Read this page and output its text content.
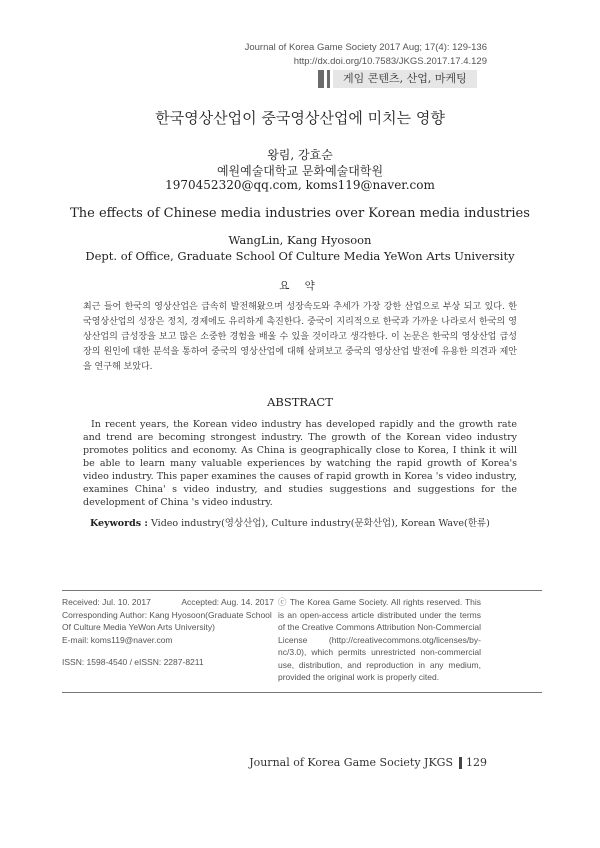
Journal of Korea Game Society 2017 Aug; 17(4): 129-136
http://dx.doi.org/10.7583/JKGS.2017.17.4.129
게임 콘텐츠, 산업, 마케팅
한국영상산업이 중국영상산업에 미치는 영향
왕림, 강효순
예원예술대학교 문화예술대학원
1970452320@qq.com, koms119@naver.com
The effects of Chinese media industries over Korean media industries
WangLin, Kang Hyosoon
Dept. of Office, Graduate School Of Culture Media YeWon Arts University
요 약
최근 들어 한국의 영상산업은 급속히 발전해왔으며 성장속도와 추세가 가장 강한 산업으로 부상 되고 있다. 한국영상산업의 성장은 정치, 경제에도 유리하게 촉진한다. 중국이 지리적으로 한국과 가까운 나라로서 한국의 영상산업의 급성장을 보고 많은 소중한 경험을 배울 수 있을 것이라고 생각한다. 이 논문은 한국의 영상산업 급성장의 원인에 대한 분석을 통하여 중국의 영상산업에 대해 살펴보고 중국의 영상산업 발전에 유용한 의견과 제안을 연구해 보았다.
ABSTRACT
In recent years, the Korean video industry has developed rapidly and the growth rate and trend are becoming strongest industry. The growth of the Korean video industry promotes politics and economy. As China is geographically close to Korea, I think it will be able to learn many valuable experiences by watching the rapid growth of Korea's video industry. This paper examines the causes of rapid growth in Korea 's video industry, examines China' s video industry, and studies suggestions and suggestions for the development of China 's video industry.
Keywords : Video industry(영상산업), Culture industry(문화산업), Korean Wave(한류)
Received: Jul. 10. 2017	Accepted: Aug. 14. 2017
Corresponding Author: Kang Hyosoon(Graduate School Of Culture Media YeWon Arts University)
E-mail: koms119@naver.com
ISSN: 1598-4540 / eISSN: 2287-8211
ⓒ The Korea Game Society. All rights reserved. This is an open-access article distributed under the terms of the Creative Commons Attribution Non-Commercial License (http://creativecommons.otg/licenses/by-nc/3.0), which permits unrestricted non-commercial use, distribution, and reproduction in any medium, provided the original work is properly cited.
Journal of Korea Game Society JKGS 129
